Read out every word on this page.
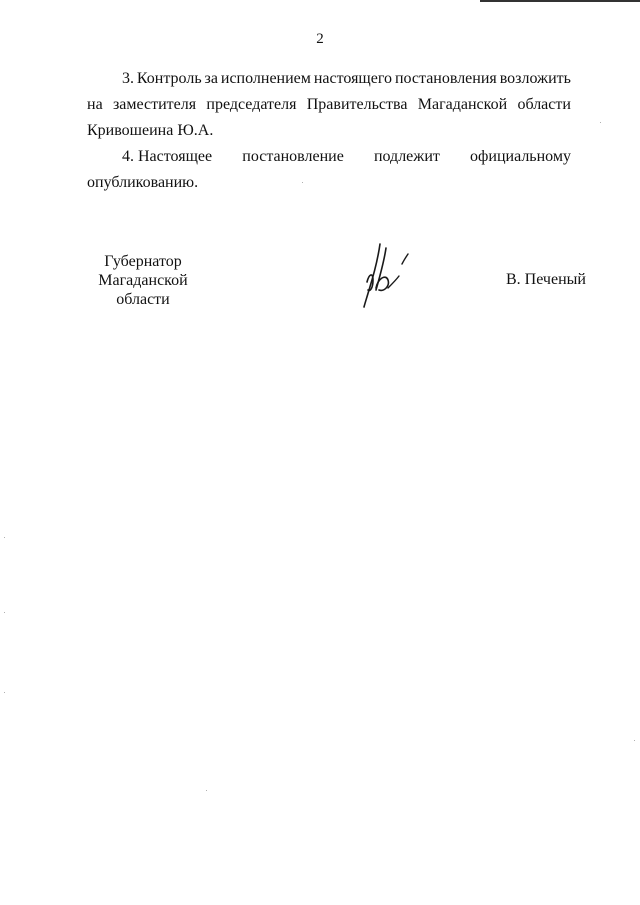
2
3. Контроль за исполнением настоящего постановления возложить
на заместителя председателя Правительства Магаданской области
Кривошеина Ю.А.
4. Настоящее постановление подлежит официальному
опубликованию.
Губернатор
Магаданской области
В. Печеный
